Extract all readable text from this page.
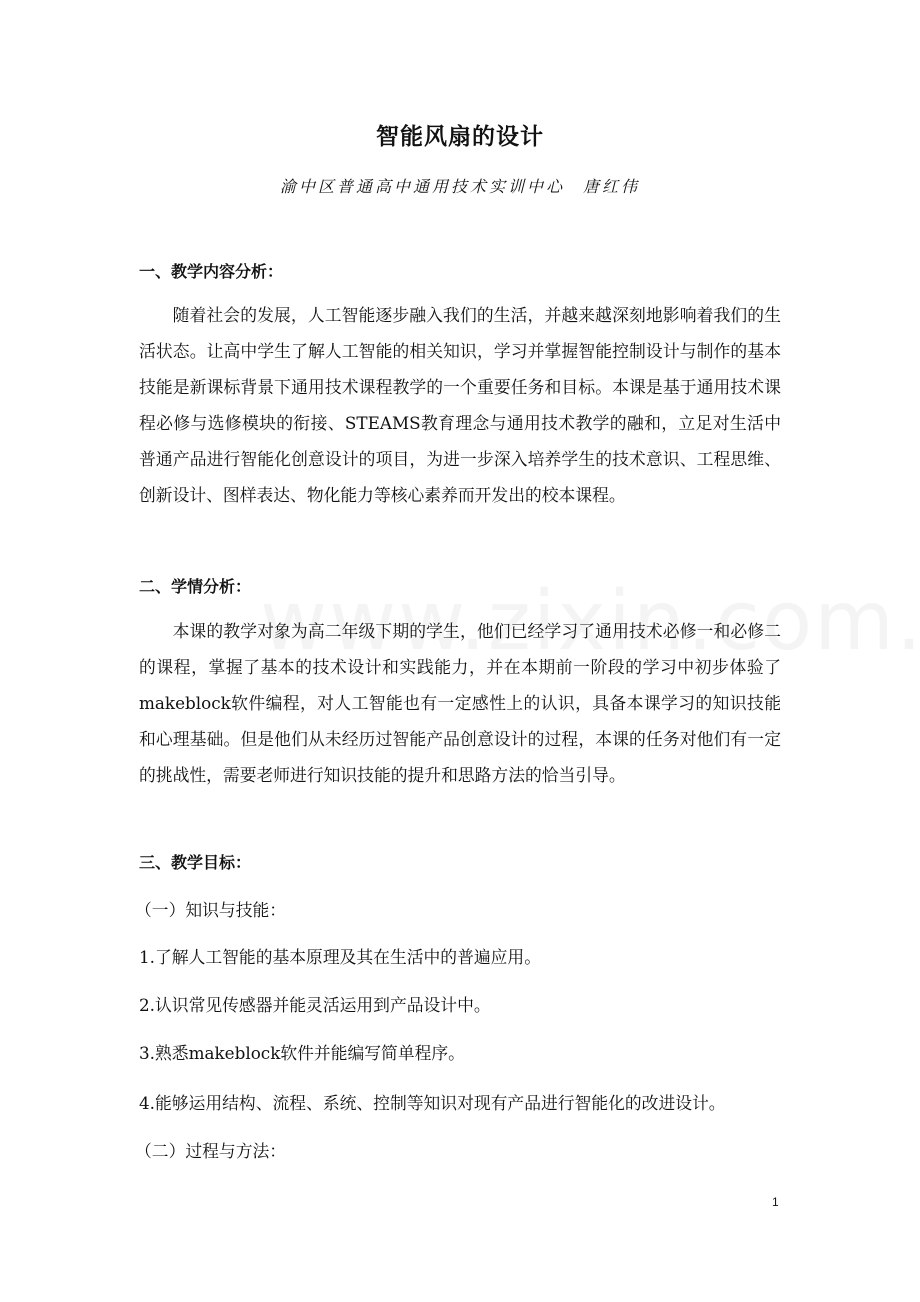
智能风扇的设计
渝中区普通高中通用技术实训中心 唐红伟
一、教学内容分析：

随着社会的发展，人工智能逐步融入我们的生活，并越来越深刻地影响着我们的生活状态。让高中学生了解人工智能的相关知识，学习并掌握智能控制设计与制作的基本技能是新课标背景下通用技术课程教学的一个重要任务和目标。本课是基于通用技术课程必修与选修模块的衔接、STEAMS教育理念与通用技术教学的融和，立足对生活中普通产品进行智能化创意设计的项目，为进一步深入培养学生的技术意识、工程思维、创新设计、图样表达、物化能力等核心素养而开发出的校本课程。

二、学情分析：

本课的教学对象为高二年级下期的学生，他们已经学习了通用技术必修一和必修二的课程，掌握了基本的技术设计和实践能力，并在本期前一阶段的学习中初步体验了makeblock软件编程，对人工智能也有一定感性上的认识，具备本课学习的知识技能和心理基础。但是他们从未经历过智能产品创意设计的过程，本课的任务对他们有一定的挑战性，需要老师进行知识技能的提升和思路方法的恰当引导。

三、教学目标：
（一）知识与技能：
1.了解人工智能的基本原理及其在生活中的普遍应用。
2.认识常见传感器并能灵活运用到产品设计中。
3.熟悉makeblock软件并能编写简单程序。
4.能够运用结构、流程、系统、控制等知识对现有产品进行智能化的改进设计。
（二）过程与方法：
1
